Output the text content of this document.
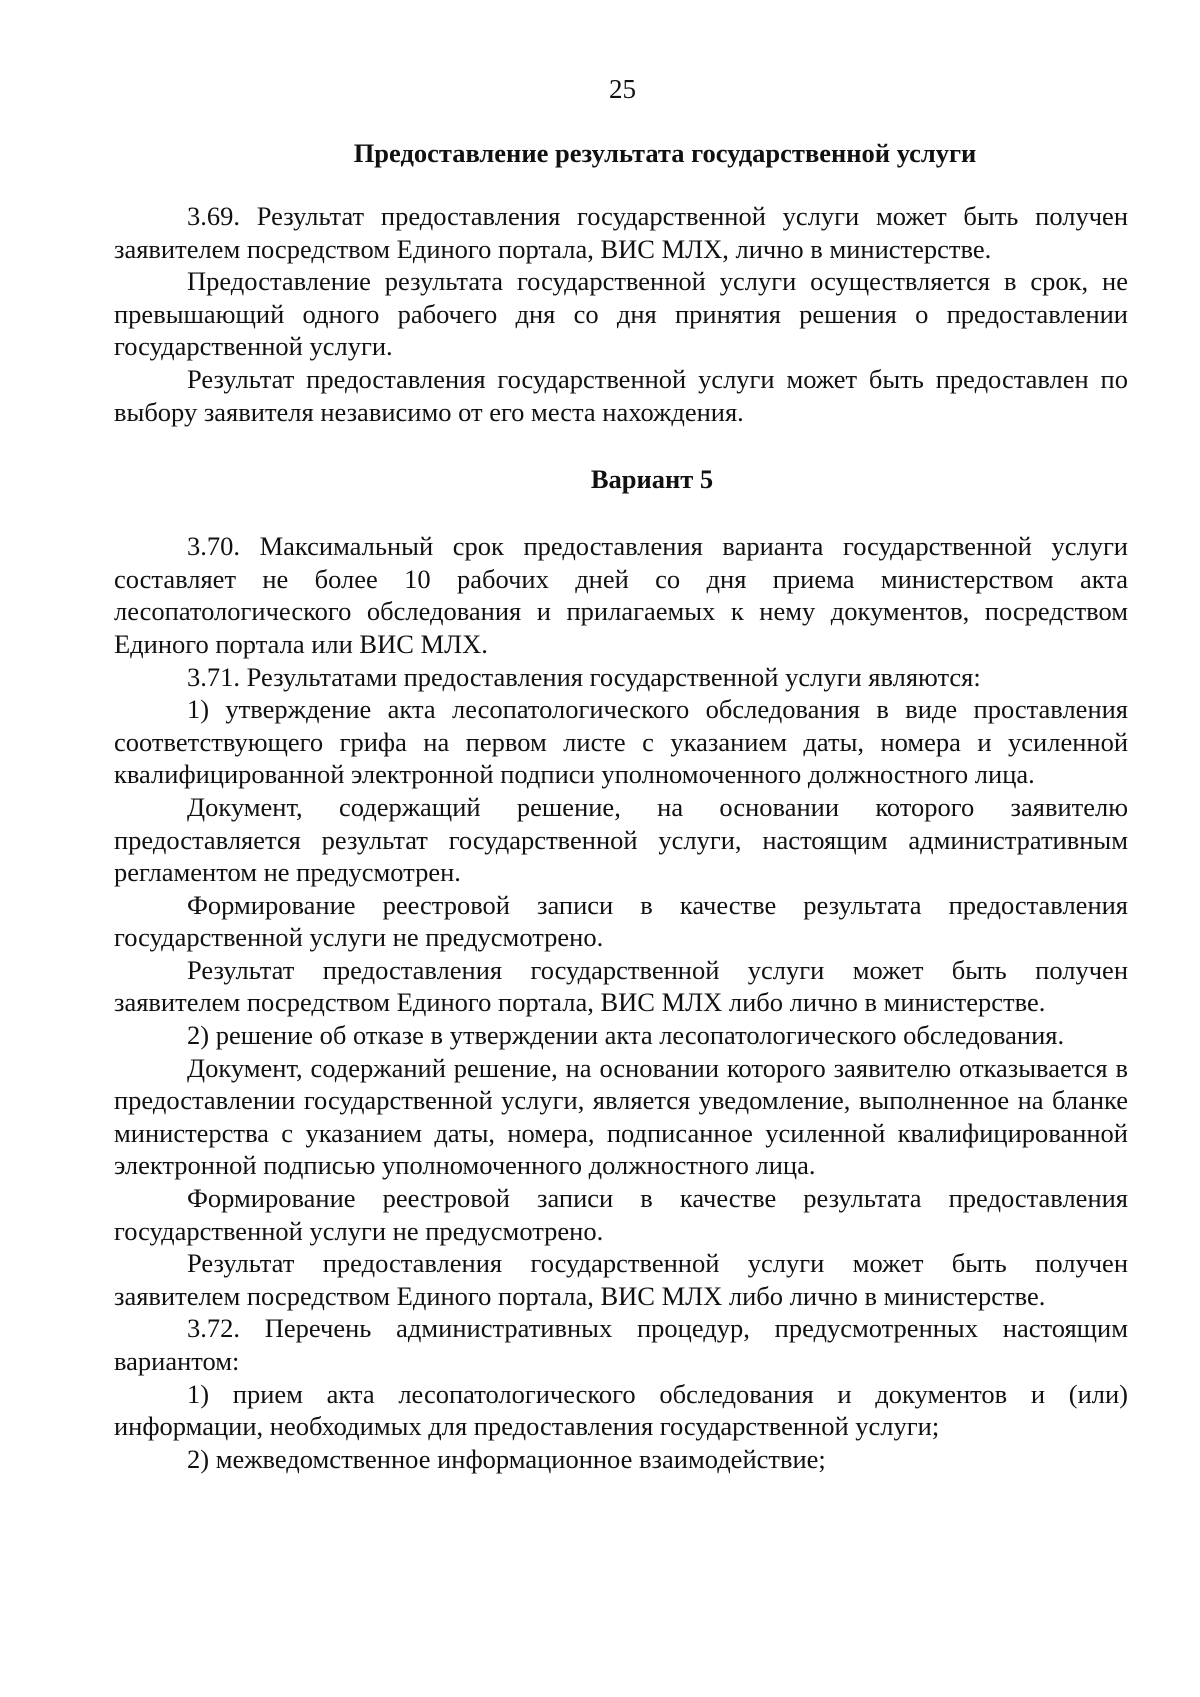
25
Предоставление результата государственной услуги

3.69. Результат предоставления государственной услуги может быть получен заявителем посредством Единого портала, ВИС МЛХ, лично в министерстве.

Предоставление результата государственной услуги осуществляется в срок, не превышающий одного рабочего дня со дня принятия решения о предоставлении государственной услуги.

Результат предоставления государственной услуги может быть предоставлен по выбору заявителя независимо от его места нахождения.

Вариант 5

3.70. Максимальный срок предоставления варианта государственной услуги составляет не более 10 рабочих дней со дня приема министерством акта лесопатологического обследования и прилагаемых к нему документов, посредством Единого портала или ВИС МЛХ.

3.71. Результатами предоставления государственной услуги являются:

1) утверждение акта лесопатологического обследования в виде проставления соответствующего грифа на первом листе с указанием даты, номера и усиленной квалифицированной электронной подписи уполномоченного должностного лица.

Документ, содержащий решение, на основании которого заявителю предоставляется результат государственной услуги, настоящим административным регламентом не предусмотрен.

Формирование реестровой записи в качестве результата предоставления государственной услуги не предусмотрено.

Результат предоставления государственной услуги может быть получен заявителем посредством Единого портала, ВИС МЛХ либо лично в министерстве.

2) решение об отказе в утверждении акта лесопатологического обследования.

Документ, содержаний решение, на основании которого заявителю отказывается в предоставлении государственной услуги, является уведомление, выполненное на бланке министерства с указанием даты, номера, подписанное усиленной квалифицированной электронной подписью уполномоченного должностного лица.

Формирование реестровой записи в качестве результата предоставления государственной услуги не предусмотрено.

Результат предоставления государственной услуги может быть получен заявителем посредством Единого портала, ВИС МЛХ либо лично в министерстве.

3.72. Перечень административных процедур, предусмотренных настоящим вариантом:

1) прием акта лесопатологического обследования и документов и (или) информации, необходимых для предоставления государственной услуги;

2) межведомственное информационное взаимодействие;
